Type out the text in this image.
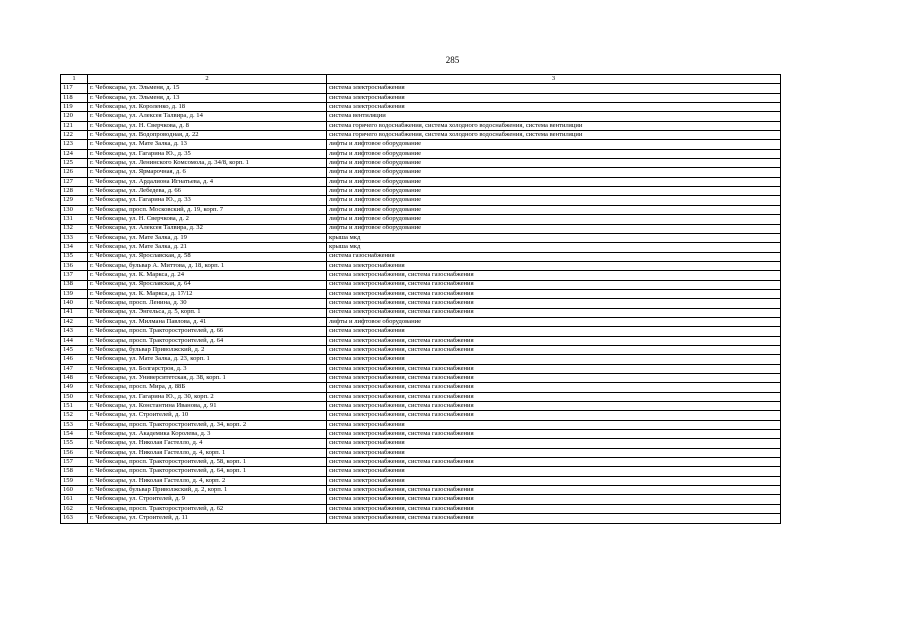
285
1	2	3
117	г. Чебоксары, ул. Эльменя, д. 15	система электроснабжения
118	г. Чебоксары, ул. Эльменя, д. 13	система электроснабжения
119	г. Чебоксары, ул. Короленко, д. 18	система электроснабжения
120	г. Чебоксары, ул. Алексея Талвира, д. 14	система вентиляции
121	г. Чебоксары, ул. Н. Сверчкова, д. 8	система горячего водоснабжения, система холодного водоснабжения, система вентиляции
122	г. Чебоксары, ул. Водопроводная, д. 22	система горячего водоснабжения, система холодного водоснабжения, система вентиляции
123	г. Чебоксары, ул. Мате Залка, д. 13	лифты и лифтовое оборудование
124	г. Чебоксары, ул. Гагарина Ю., д. 35	лифты и лифтовое оборудование
125	г. Чебоксары, ул. Ленинского Комсомола, д. 34/8, корп. 1	лифты и лифтовое оборудование
126	г. Чебоксары, ул. Ярмарочная, д. 6	лифты и лифтовое оборудование
127	г. Чебоксары, ул. Ардалиона Игнатьева, д. 4	лифты и лифтовое оборудование
128	г. Чебоксары, ул. Лебедева, д. 66	лифты и лифтовое оборудование
129	г. Чебоксары, ул. Гагарина Ю., д. 33	лифты и лифтовое оборудование
130	г. Чебоксары, просп. Московский, д. 19, корп. 7	лифты и лифтовое оборудование
131	г. Чебоксары, ул. Н. Сверчкова, д. 2	лифты и лифтовое оборудование
132	г. Чебоксары, ул. Алексея Талвира, д. 32	лифты и лифтовое оборудование
133	г. Чебоксары, ул. Мате Залка, д. 19	крыша мкд
134	г. Чебоксары, ул. Мате Залка, д. 21	крыша мкд
135	г. Чебоксары, ул. Ярославская, д. 58	система газоснабжения
136	г. Чебоксары, бульвар А. Миттова, д. 18, корп. 1	система электроснабжения
137	г. Чебоксары, ул. К. Маркса, д. 24	система электроснабжения, система газоснабжения
138	г. Чебоксары, ул. Ярославская, д. 64	система электроснабжения, система газоснабжения
139	г. Чебоксары, ул. К. Маркса, д. 17/12	система электроснабжения, система газоснабжения
140	г. Чебоксары, просп. Ленина, д. 30	система электроснабжения, система газоснабжения
141	г. Чебоксары, ул. Энгельса, д. 5, корп. 1	система электроснабжения, система газоснабжения
142	г. Чебоксары, ул. Милмана Павлова, д. 41	лифты и лифтовое оборудование
143	г. Чебоксары, просп. Тракторостроителей, д. 66	система электроснабжения
144	г. Чебоксары, просп. Тракторостроителей, д. 64	система электроснабжения, система газоснабжения
145	г. Чебоксары, бульвар Приволжский, д. 2	система электроснабжения, система газоснабжения
146	г. Чебоксары, ул. Мате Залка, д. 23, корп. 1	система электроснабжения
147	г. Чебоксары, ул. Болгарстроя, д. 3	система электроснабжения, система газоснабжения
148	г. Чебоксары, ул. Университетская, д. 38, корп. 1	система электроснабжения, система газоснабжения
149	г. Чебоксары, просп. Мира, д. 88Б	система электроснабжения, система газоснабжения
150	г. Чебоксары, ул. Гагарина Ю., д. 30, корп. 2	система электроснабжения, система газоснабжения
151	г. Чебоксары, ул. Константина Иванова, д. 91	система электроснабжения, система газоснабжения
152	г. Чебоксары, ул. Строителей, д. 10	система электроснабжения, система газоснабжения
153	г. Чебоксары, просп. Тракторостроителей, д. 34, корп. 2	система электроснабжения
154	г. Чебоксары, ул. Академика Королева, д. 3	система электроснабжения, система газоснабжения
155	г. Чебоксары, ул. Николая Гастелло, д. 4	система электроснабжения
156	г. Чебоксары, ул. Николая Гастелло, д. 4, корп. 1	система электроснабжения
157	г. Чебоксары, просп. Тракторостроителей, д. 58, корп. 1	система электроснабжения, система газоснабжения
158	г. Чебоксары, просп. Тракторостроителей, д. 64, корп. 1	система электроснабжения
159	г. Чебоксары, ул. Николая Гастелло, д. 4, корп. 2	система электроснабжения
160	г. Чебоксары, бульвар Приволжский, д. 2, корп. 1	система электроснабжения, система газоснабжения
161	г. Чебоксары, ул. Строителей, д. 9	система электроснабжения, система газоснабжения
162	г. Чебоксары, просп. Тракторостроителей, д. 62	система электроснабжения, система газоснабжения
163	г. Чебоксары, ул. Строителей, д. 11	система электроснабжения, система газоснабжения
